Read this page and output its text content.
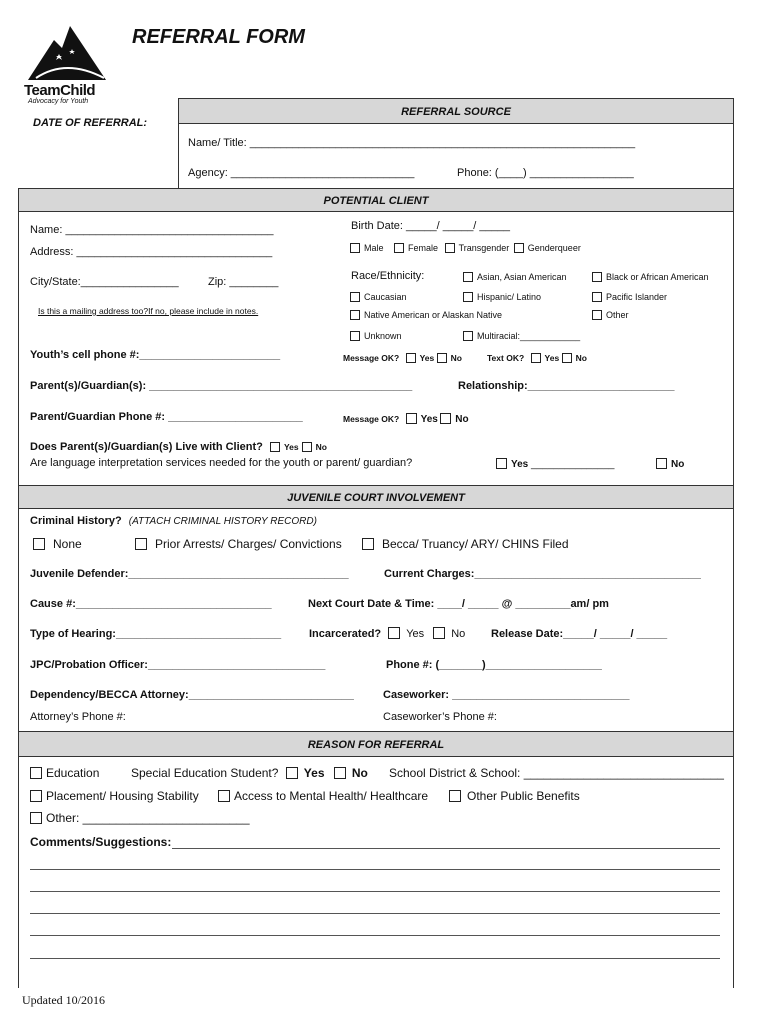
TeamChild
Advocacy for Youth
REFERRAL FORM
DATE OF REFERRAL:
REFERRAL SOURCE
Name/ Title: _______________________________________________________________
Agency: ______________________________	Phone: (____) _________________
POTENTIAL CLIENT
Name: __________________________________
Address: ________________________________
City/State:________________	Zip: ________
Is this a mailing address too?If no, please include in notes.
Birth Date: _____/ _____/ _____
Male	Female Transgender Genderqueer
Race/Ethnicity:	Asian, Asian American	Black or African American
Caucasian	Hispanic/ Latino	Pacific Islander
Native American or Alaskan Native	Other
Unknown	Multiracial:____________
Youth’s cell phone #:_______________________	Message OK? Yes No	Text OK? Yes No
Parent(s)/Guardian(s): ___________________________________________	Relationship:________________________
Parent/Guardian Phone #: ______________________	Message OK? Yes No
Does Parent(s)/Guardian(s) Live with Client? Yes No
Are language interpretation services needed for the youth or parent/ guardian?	Yes _______________	No
JUVENILE COURT INVOLVEMENT
Criminal History? (ATTACH CRIMINAL HISTORY RECORD)
None	Prior Arrests/ Charges/ Convictions	Becca/ Truancy/ ARY/ CHINS Filed
Juvenile Defender:____________________________________	Current Charges:_____________________________________
Cause #:________________________________	Next Court Date & Time: ____/ _____ @ _________am/ pm
Type of Hearing:___________________________	Incarcerated? Yes No Release Date:_____/ _____/ _____
JPC/Probation Officer:_____________________________	Phone #: (_______)___________________
Dependency/BECCA Attorney:___________________________	Caseworker: _____________________________
Attorney’s Phone #:	Caseworker’s Phone #:
REASON FOR REFERRAL
Education	Special Education Student? Yes No School District & School: ______________________________
Placement/ Housing Stability	Access to Mental Health/ Healthcare	Other Public Benefits
Other: _________________________
Comments/Suggestions:
Updated 10/2016
